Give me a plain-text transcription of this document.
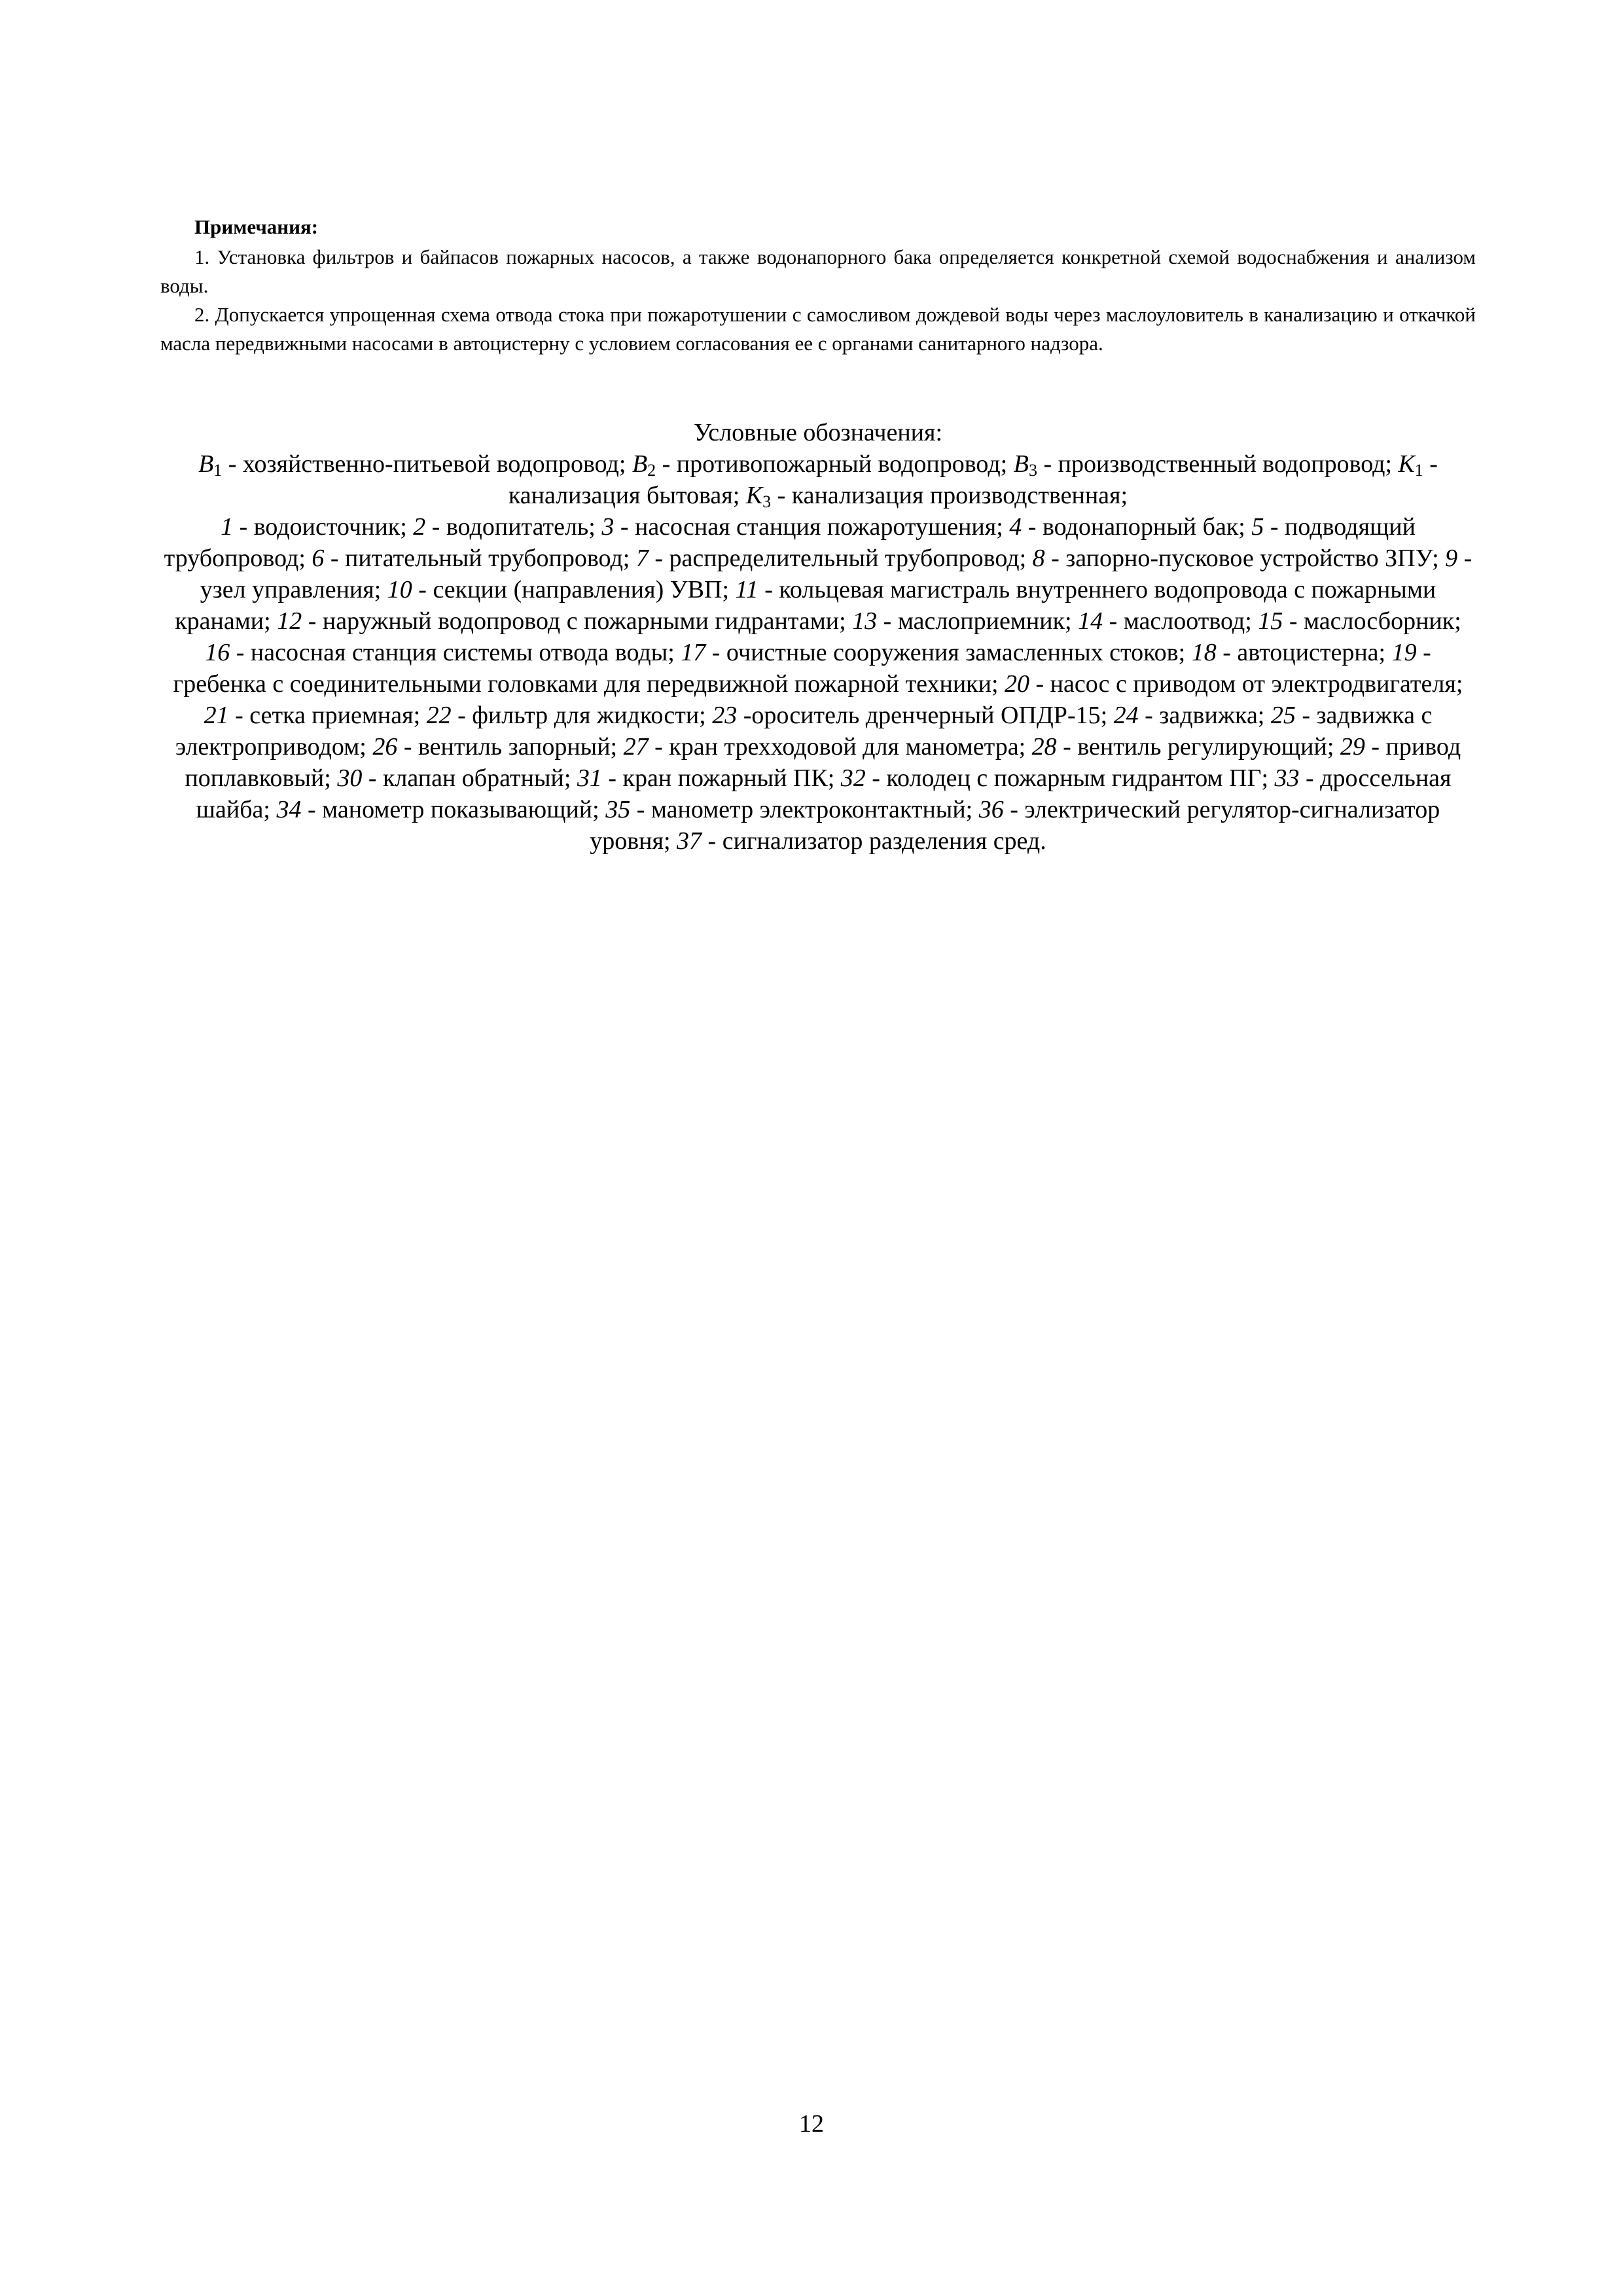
Примечания:

1. Установка фильтров и байпасов пожарных насосов, а также водонапорного бака определяется конкретной схемой водоснабжения и анализом воды.

2. Допускается упрощенная схема отвода стока при пожаротушении с самосливом дождевой воды через маслоуловитель в канализацию и откачкой масла передвижными насосами в автоцистерну с условием согласования ее с органами санитарного надзора.

Условные обозначения:
$В_1$ - хозяйственно-питьевой водопровод; $В_2$ - противопожарный водопровод; $В_3$ - производственный водопровод; $К_1$ - канализация бытовая; $К_3$ - канализация производственная;
1 - водоисточник; 2 - водопитатель; 3 - насосная станция пожаротушения; 4 - водонапорный бак; 5 - подводящий трубопровод; 6 - питательный трубопровод; 7 - распределительный трубопровод; 8 - запорно-пусковое устройство ЗПУ; 9 - узел управления; 10 - секции (направления) УВП; 11 - кольцевая магистраль внутреннего водопровода с пожарными кранами; 12 - наружный водопровод с пожарными гидрантами; 13 - маслоприемник; 14 - маслоотвод; 15 - маслосборник; 16 - насосная станция системы отвода воды; 17 - очистные сооружения замасленных стоков; 18 - автоцистерна; 19 - гребенка с соединительными головками для передвижной пожарной техники; 20 - насос с приводом от электродвигателя; 21 - сетка приемная; 22 - фильтр для жидкости; 23 -ороситель дренчерный ОПДР-15; 24 - задвижка; 25 - задвижка с электроприводом; 26 - вентиль запорный; 27 - кран трехходовой для манометра; 28 - вентиль регулирующий; 29 - привод поплавковый; 30 - клапан обратный; 31 - кран пожарный ПК; 32 - колодец с пожарным гидрантом ПГ; 33 - дроссельная шайба; 34 - манометр показывающий; 35 - манометр электроконтактный; 36 - электрический регулятор-сигнализатор уровня; 37 - сигнализатор разделения сред.
12
